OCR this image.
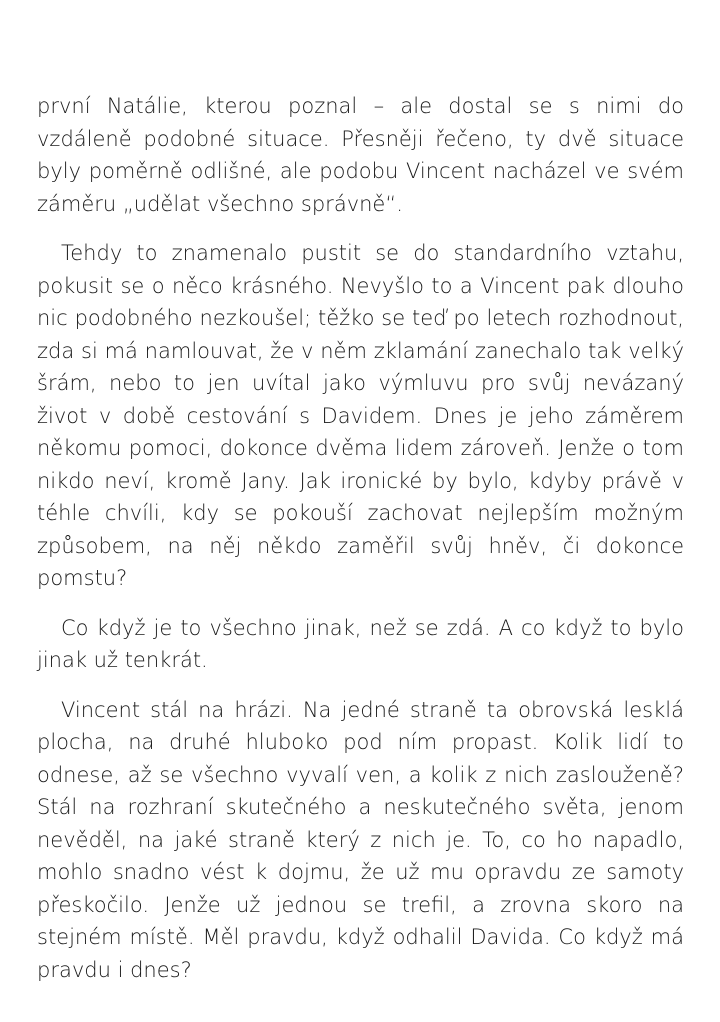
první Natálie, kterou poznal – ale dostal se s nimi do vzdáleně podobné situace. Přesněji řečeno, ty dvě situace byly poměrně odlišné, ale podobu Vincent nacházel ve svém záměru „udělat všechno správně“.

Tehdy to znamenalo pustit se do standardního vztahu, pokusit se o něco krásného. Nevyšlo to a Vincent pak dlouho nic podobného nezkoušel; těžko se teď po letech rozhodnout, zda si má namlouvat, že v něm zklamání zanechalo tak velký šrám, nebo to jen uvítal jako výmluvu pro svůj nevázaný život v době cestování s Davidem. Dnes je jeho záměrem někomu pomoci, dokonce dvěma lidem zároveň. Jenže o tom nikdo neví, kromě Jany. Jak ironické by bylo, kdyby právě v téhle chvíli, kdy se pokouší zachovat nejlepším možným způsobem, na něj někdo zaměřil svůj hněv, či dokonce pomstu?

Co když je to všechno jinak, než se zdá. A co když to bylo jinak už tenkrát.

Vincent stál na hrázi. Na jedné straně ta obrovská lesklá plocha, na druhé hluboko pod ním propast. Kolik lidí to odnese, až se všechno vyvalí ven, a kolik z nich zaslouženě? Stál na rozhraní skutečného a neskutečného světa, jenom nevěděl, na jaké straně který z nich je. To, co ho napadlo, mohlo snadno vést k dojmu, že už mu opravdu ze samoty přeskočilo. Jenže už jednou se trefil, a zrovna skoro na stejném místě. Měl pravdu, když odhalil Davida. Co když má pravdu i dnes?
